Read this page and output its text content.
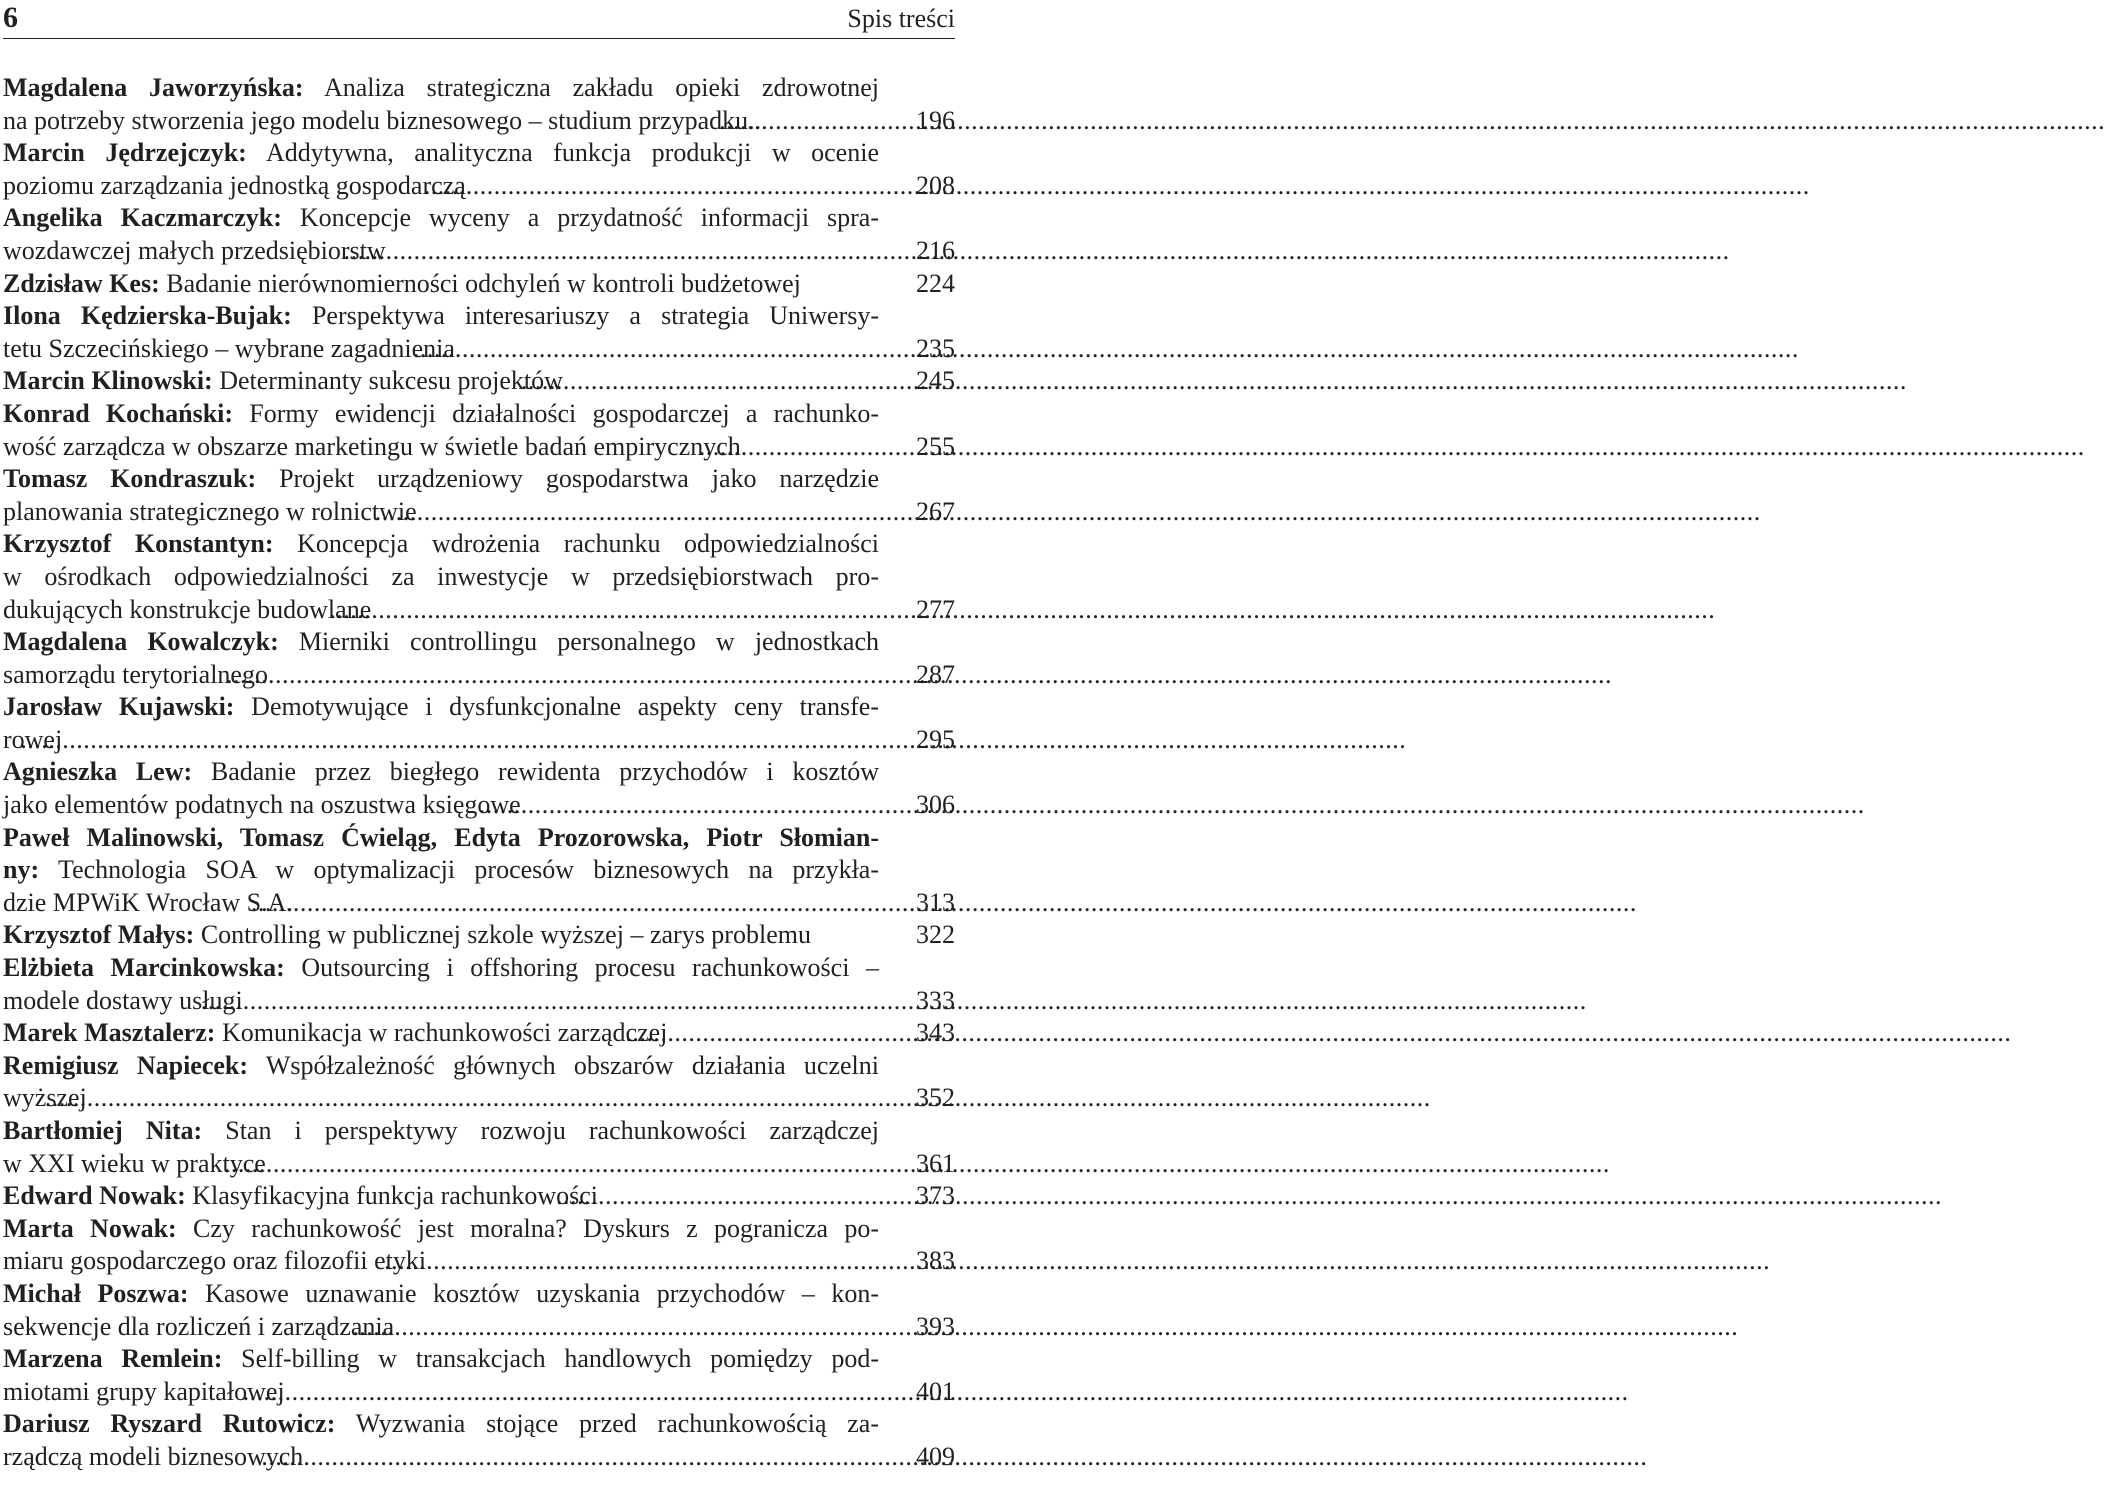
6	Spis treści
Magdalena Jaworzyńska: Analiza strategiczna zakładu opieki zdrowotnej
na potrzeby stworzenia jego modelu biznesowego – studium przypadku.. .....	196
Marcin Jędrzejczyk: Addytywna, analityczna funkcja produkcji w ocenie
poziomu zarządzania jednostką gospodarczą .....	208
Angelika Kaczmarczyk: Koncepcje wyceny a przydatność informacji spra-
wozdawczej małych przedsiębiorstw .....	216
Zdzisław Kes: Badanie nierównomierności odchyleń w kontroli budżetowej	224
Ilona Kędzierska-Bujak: Perspektywa interesariuszy a strategia Uniwersy-
tetu Szczecińskiego – wybrane zagadnienia .....	235
Marcin Klinowski: Determinanty sukcesu projektów .....	245
Konrad Kochański: Formy ewidencji działalności gospodarczej a rachunko-
wość zarządcza w obszarze marketingu w świetle badań empirycznych .....	255
Tomasz Kondraszuk: Projekt urządzeniowy gospodarstwa jako narzędzie
planowania strategicznego w rolnictwie .....	267
Krzysztof Konstantyn: Koncepcja wdrożenia rachunku odpowiedzialności
w ośrodkach odpowiedzialności za inwestycje w przedsiębiorstwach pro-
dukujących konstrukcje budowlane .....	277
Magdalena Kowalczyk: Mierniki controllingu personalnego w jednostkach
samorządu terytorialnego .....	287
Jarosław Kujawski: Demotywujące i dysfunkcjonalne aspekty ceny transfe-
rowej .....	295
Agnieszka Lew: Badanie przez biegłego rewidenta przychodów i kosztów
jako elementów podatnych na oszustwa księgowe .....	306
Paweł Malinowski, Tomasz Ćwieląg, Edyta Prozorowska, Piotr Słomian-
ny: Technologia SOA w optymalizacji procesów biznesowych na przykła-
dzie MPWiK Wrocław S.A. .....	313
Krzysztof Małys: Controlling w publicznej szkole wyższej – zarys problemu	322
Elżbieta Marcinkowska: Outsourcing i offshoring procesu rachunkowości –
modele dostawy usługi .....	333
Marek Masztalerz: Komunikacja w rachunkowości zarządczej .....	343
Remigiusz Napiecek: Współzależność głównych obszarów działania uczelni
wyższej .....	352
Bartłomiej Nita: Stan i perspektywy rozwoju rachunkowości zarządczej
w XXI wieku w praktyce .....	361
Edward Nowak: Klasyfikacyjna funkcja rachunkowości .....	373
Marta Nowak: Czy rachunkowość jest moralna? Dyskurs z pogranicza po-
miaru gospodarczego oraz filozofii etyki .....	383
Michał Poszwa: Kasowe uznawanie kosztów uzyskania przychodów – kon-
sekwencje dla rozliczeń i zarządzania .....	393
Marzena Remlein: Self-billing w transakcjach handlowych pomiędzy pod-
miotami grupy kapitałowej .....	401
Dariusz Ryszard Rutowicz: Wyzwania stojące przed rachunkowością za-
rządczą modeli biznesowych .....	409
